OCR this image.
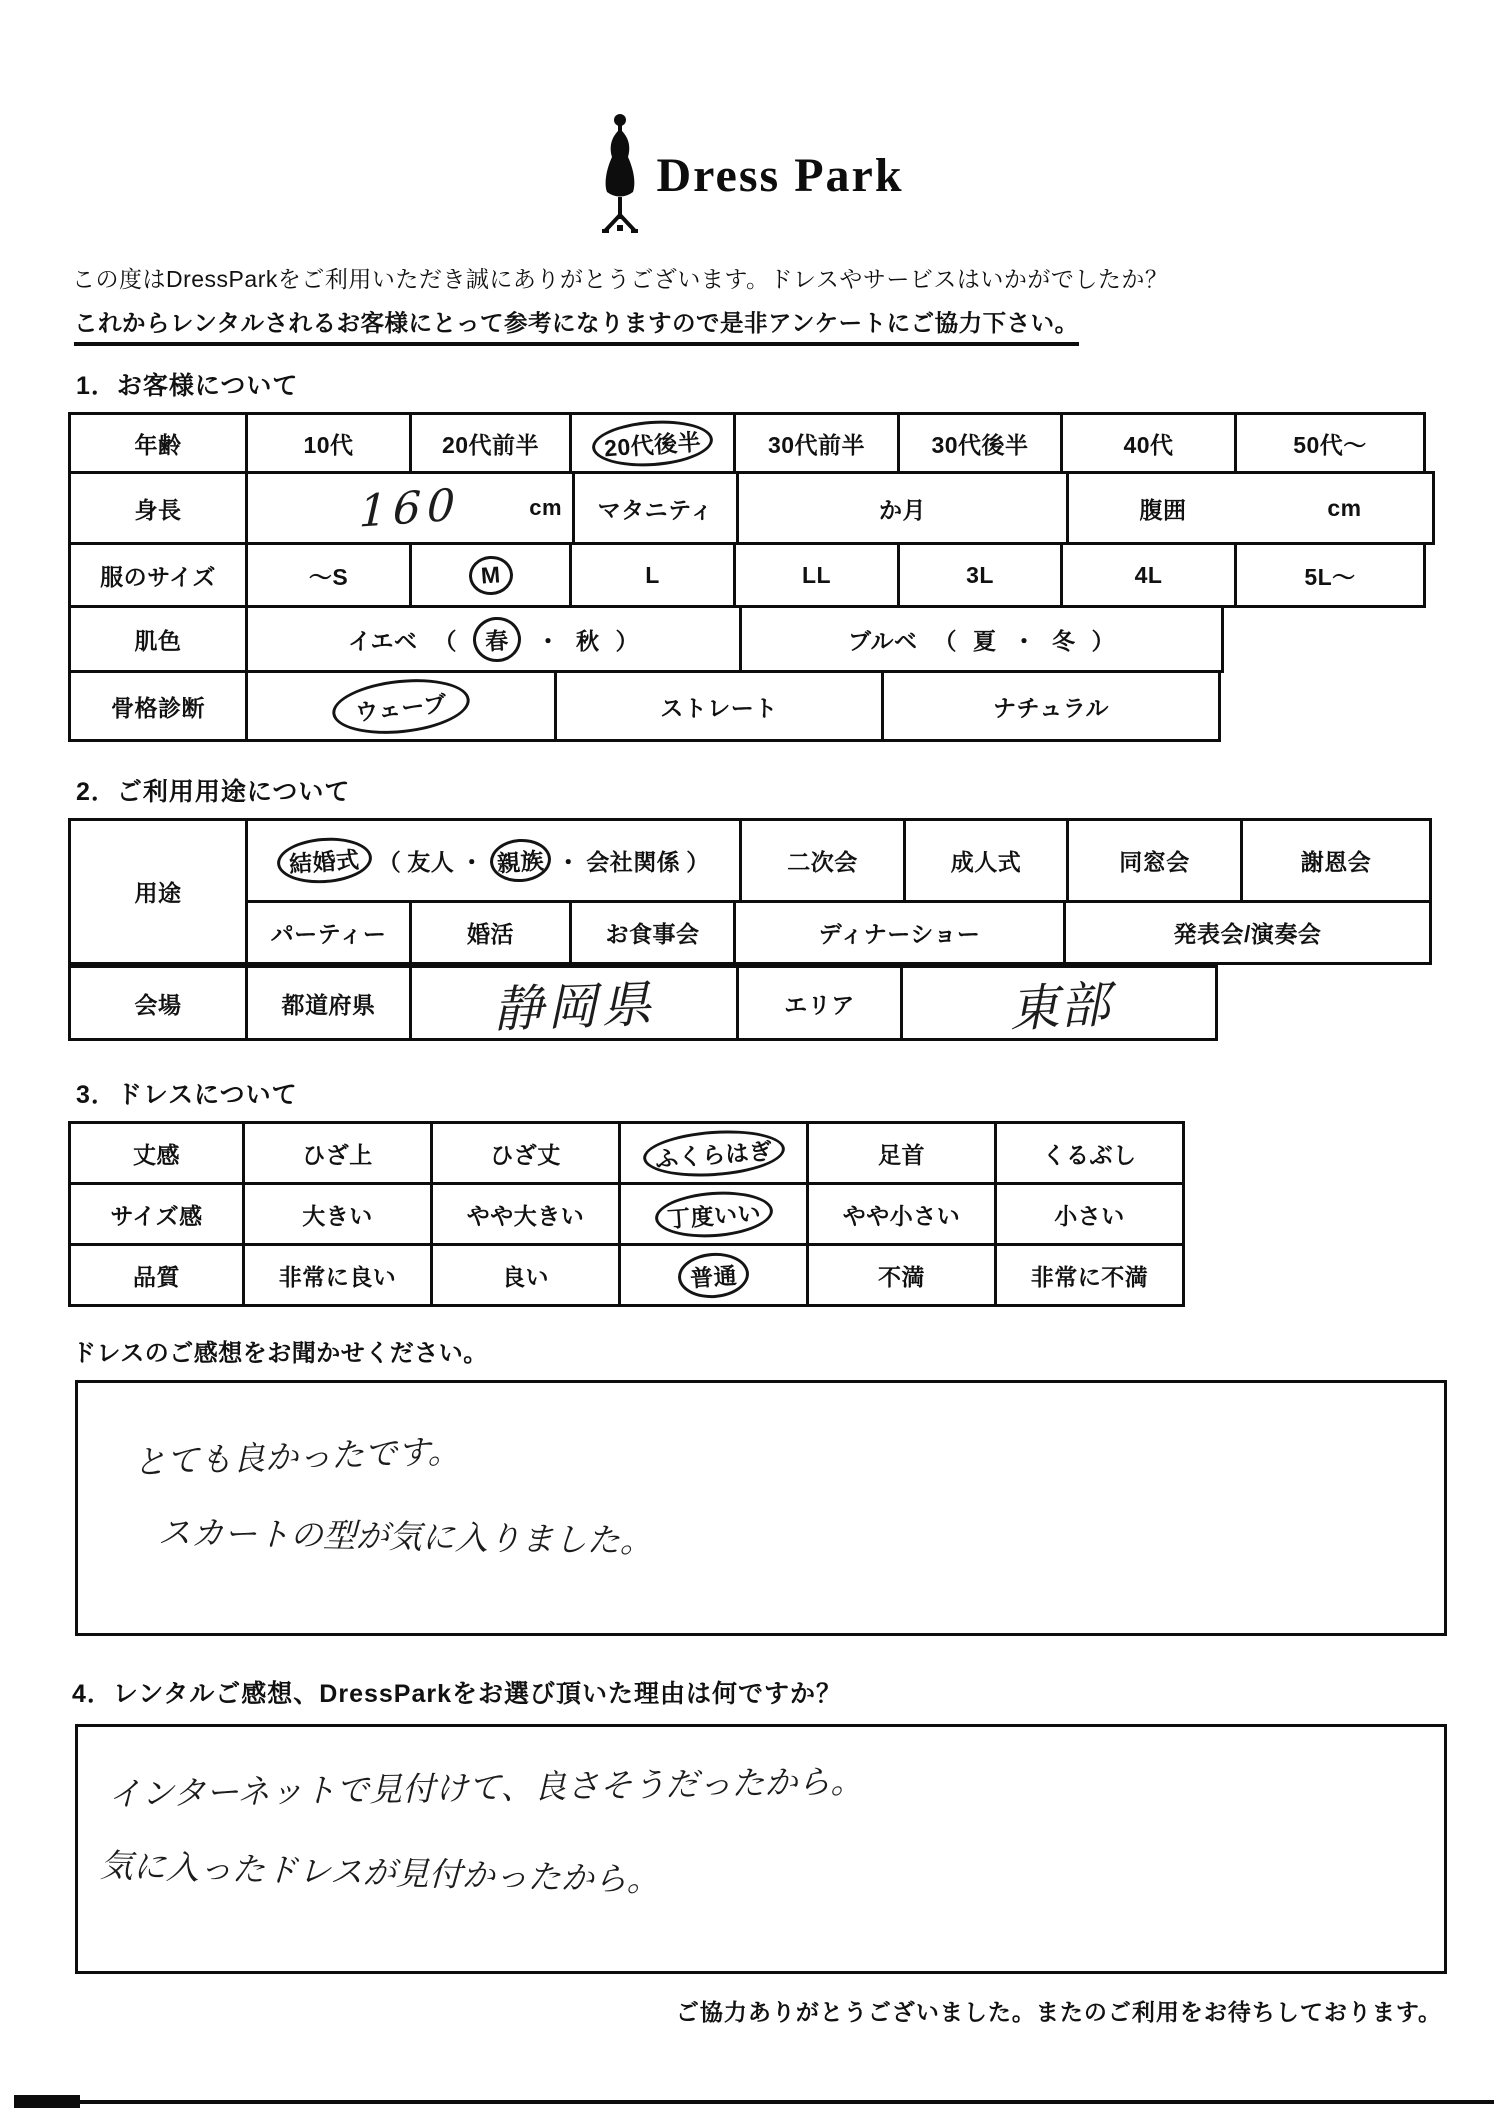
Dress Park
この度はDressParkをご利用いただき誠にありがとうございます。ドレスやサービスはいかがでしたか？
これからレンタルされるお客様にとって参考になりますので是非アンケートにご協力下さい。
1．お客様について
年齢	10代	20代前半	20代後半	30代前半	30代後半	40代	50代～
身長	160	cm	マタニティ	か月	腹囲	cm
服のサイズ	～S	M	L	LL	3L	4L	5L～
肌色	イエベ （	春	・ 秋 ）	ブルベ （ 夏 ・ 冬 ）
骨格診断	ウェーブ	ストレート	ナチュラル
2．ご利用用途について
用途
結婚式 （ 友人 ・ 親族 ・ 会社関係 ）	二次会	成人式	同窓会	謝恩会
パーティー	婚活	お食事会	ディナーショー	発表会/演奏会
会場	都道府県	静岡県	エリア	東部
3．ドレスについて
丈感	ひざ上	ひざ丈	ふくらはぎ	足首	くるぶし
サイズ感	大きい	やや大きい	丁度いい	やや小さい	小さい
品質	非常に良い	良い	普通	不満	非常に不満
ドレスのご感想をお聞かせください。
とても良かったです。
スカートの型が気に入りました。
4．レンタルご感想、DressParkをお選び頂いた理由は何ですか？
インターネットで見付けて、良さそうだったから。
気に入ったドレスが見付かったから。
ご協力ありがとうございました。またのご利用をお待ちしております。
